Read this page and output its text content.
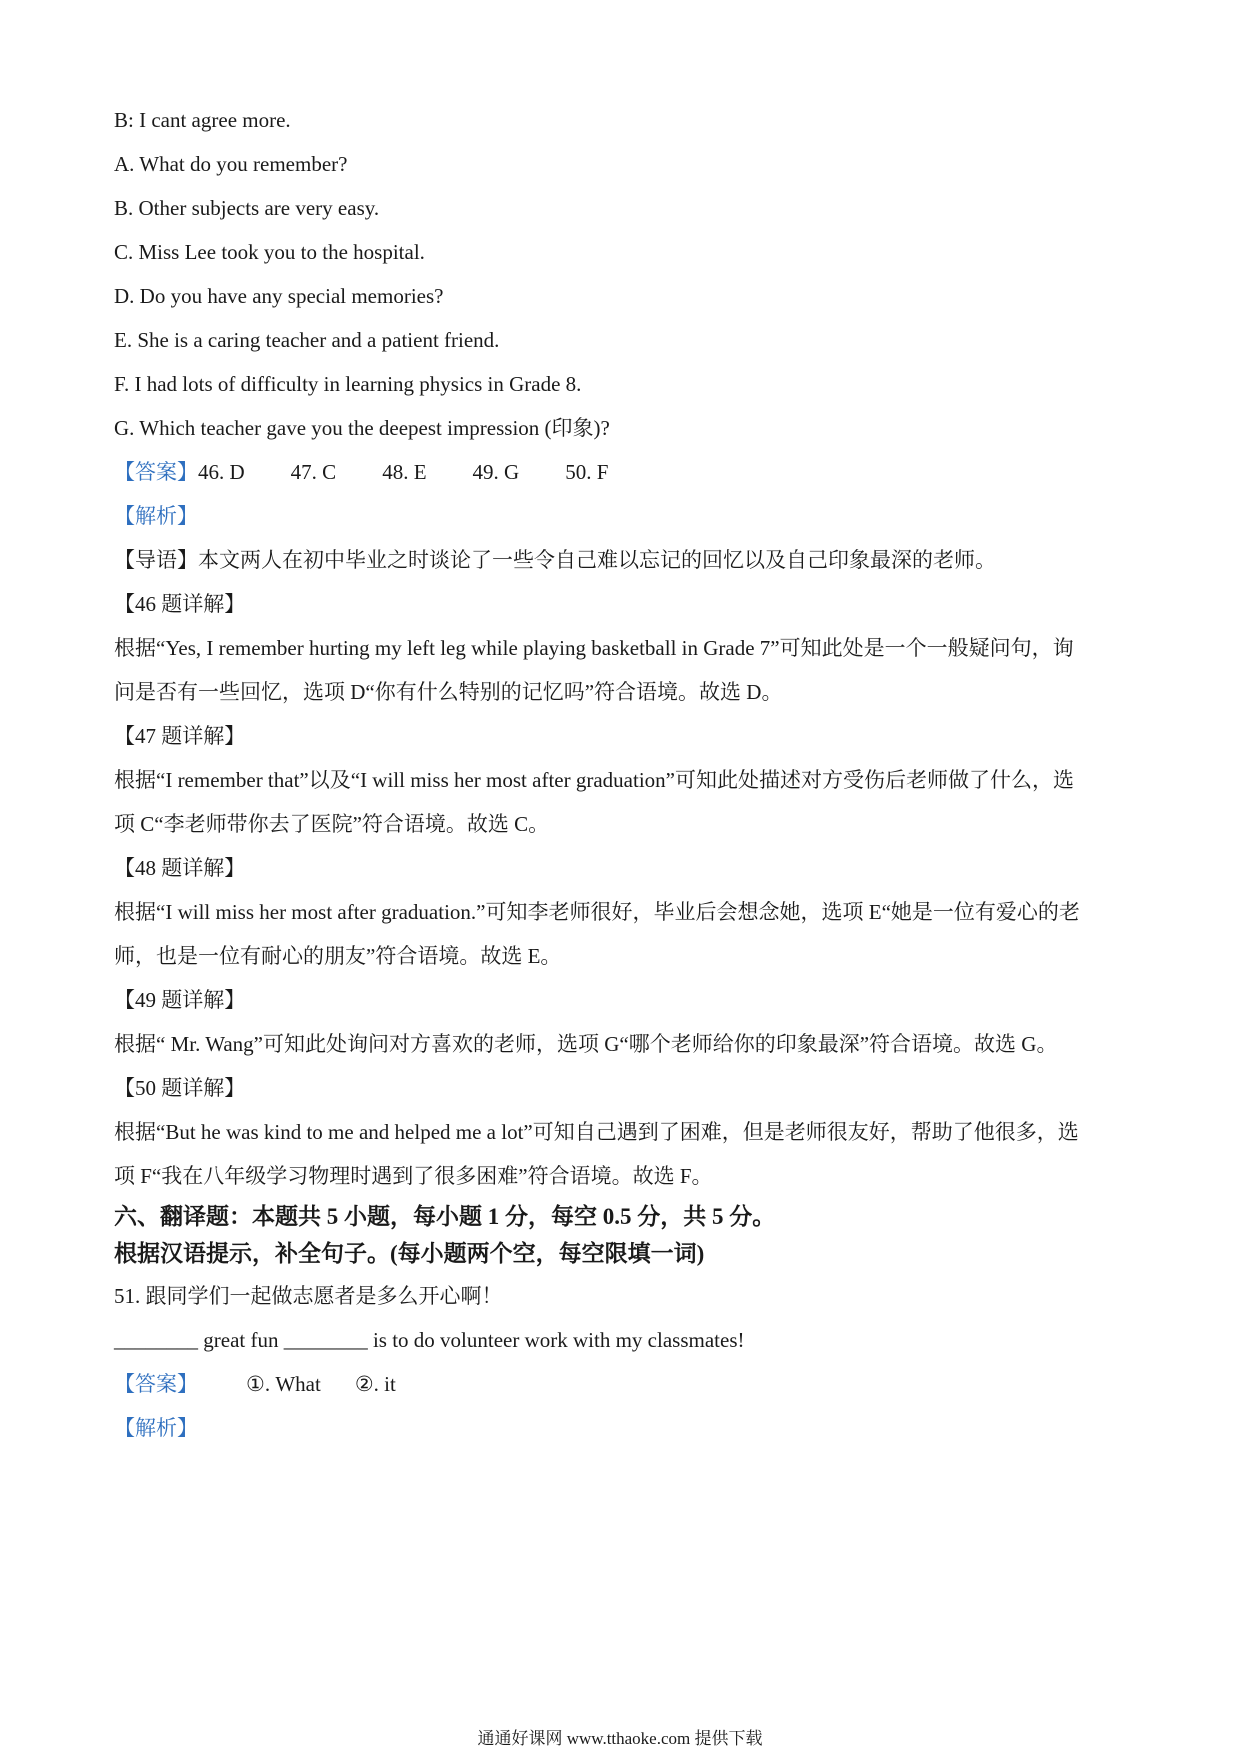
B: I cant agree more.
A. What do you remember?
B. Other subjects are very easy.
C. Miss Lee took you to the hospital.
D. Do you have any special memories?
E. She is a caring teacher and a patient friend.
F. I had lots of difficulty in learning physics in Grade 8.
G. Which teacher gave you the deepest impression (印象)?
【答案】46. D 47. C 48. E 49. G 50. F
【解析】
【导语】本文两人在初中毕业之时谈论了一些令自己难以忘记的回忆以及自己印象最深的老师。
【46 题详解】
根据“Yes, I remember hurting my left leg while playing basketball in Grade 7”可知此处是一个一般疑问句，询
问是否有一些回忆，选项 D“你有什么特别的记忆吗”符合语境。故选 D。
【47 题详解】
根据“I remember that”以及“I will miss her most after graduation”可知此处描述对方受伤后老师做了什么，选
项 C“李老师带你去了医院”符合语境。故选 C。
【48 题详解】
根据“I will miss her most after graduation.”可知李老师很好，毕业后会想念她，选项 E“她是一位有爱心的老
师，也是一位有耐心的朋友”符合语境。故选 E。
【49 题详解】
根据“ Mr. Wang”可知此处询问对方喜欢的老师，选项 G“哪个老师给你的印象最深”符合语境。故选 G。
【50 题详解】
根据“But he was kind to me and helped me a lot”可知自己遇到了困难，但是老师很友好，帮助了他很多，选
项 F“我在八年级学习物理时遇到了很多困难”符合语境。故选 F。
六、翻译题：本题共 5 小题，每小题 1 分，每空 0.5 分，共 5 分。
根据汉语提示，补全句子。(每小题两个空，每空限填一词)
51. 跟同学们一起做志愿者是多么开心啊！
________ great fun ________ is to do volunteer work with my classmates!
【答案】 ①. What ②. it
【解析】
通通好课网 www.tthaoke.com 提供下载
